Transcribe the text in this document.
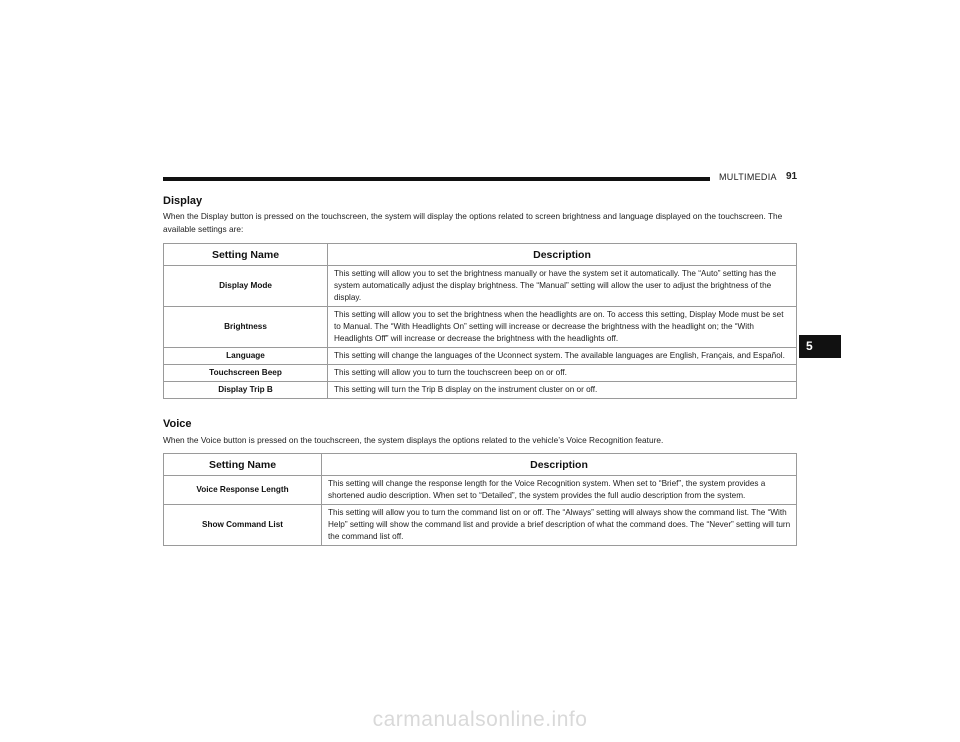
MULTIMEDIA 91
5
Display
When the Display button is pressed on the touchscreen, the system will display the options related to screen brightness and language displayed on the touchscreen. The available settings are:
Setting Name	Description
Display Mode	This setting will allow you to set the brightness manually or have the system set it automatically. The “Auto” setting has the system automatically adjust the display brightness. The “Manual” setting will allow the user to adjust the brightness of the display.
Brightness	This setting will allow you to set the brightness when the headlights are on. To access this setting, Display Mode must be set to Manual. The “With Headlights On” setting will increase or decrease the brightness with the headlight on; the “With Headlights Off” will increase or decrease the brightness with the headlights off.
Language	This setting will change the languages of the Uconnect system. The available languages are English, Français, and Español.
Touchscreen Beep	This setting will allow you to turn the touchscreen beep on or off.
Display Trip B	This setting will turn the Trip B display on the instrument cluster on or off.
Voice
When the Voice button is pressed on the touchscreen, the system displays the options related to the vehicle’s Voice Recognition feature.
Setting Name	Description
Voice Response Length	This setting will change the response length for the Voice Recognition system. When set to “Brief”, the system provides a shortened audio description. When set to “Detailed”, the system provides the full audio description from the system.
Show Command List	This setting will allow you to turn the command list on or off. The “Always” setting will always show the command list. The “With Help” setting will show the command list and provide a brief description of what the command does. The “Never” setting will turn the command list off.
carmanualsonline.info
